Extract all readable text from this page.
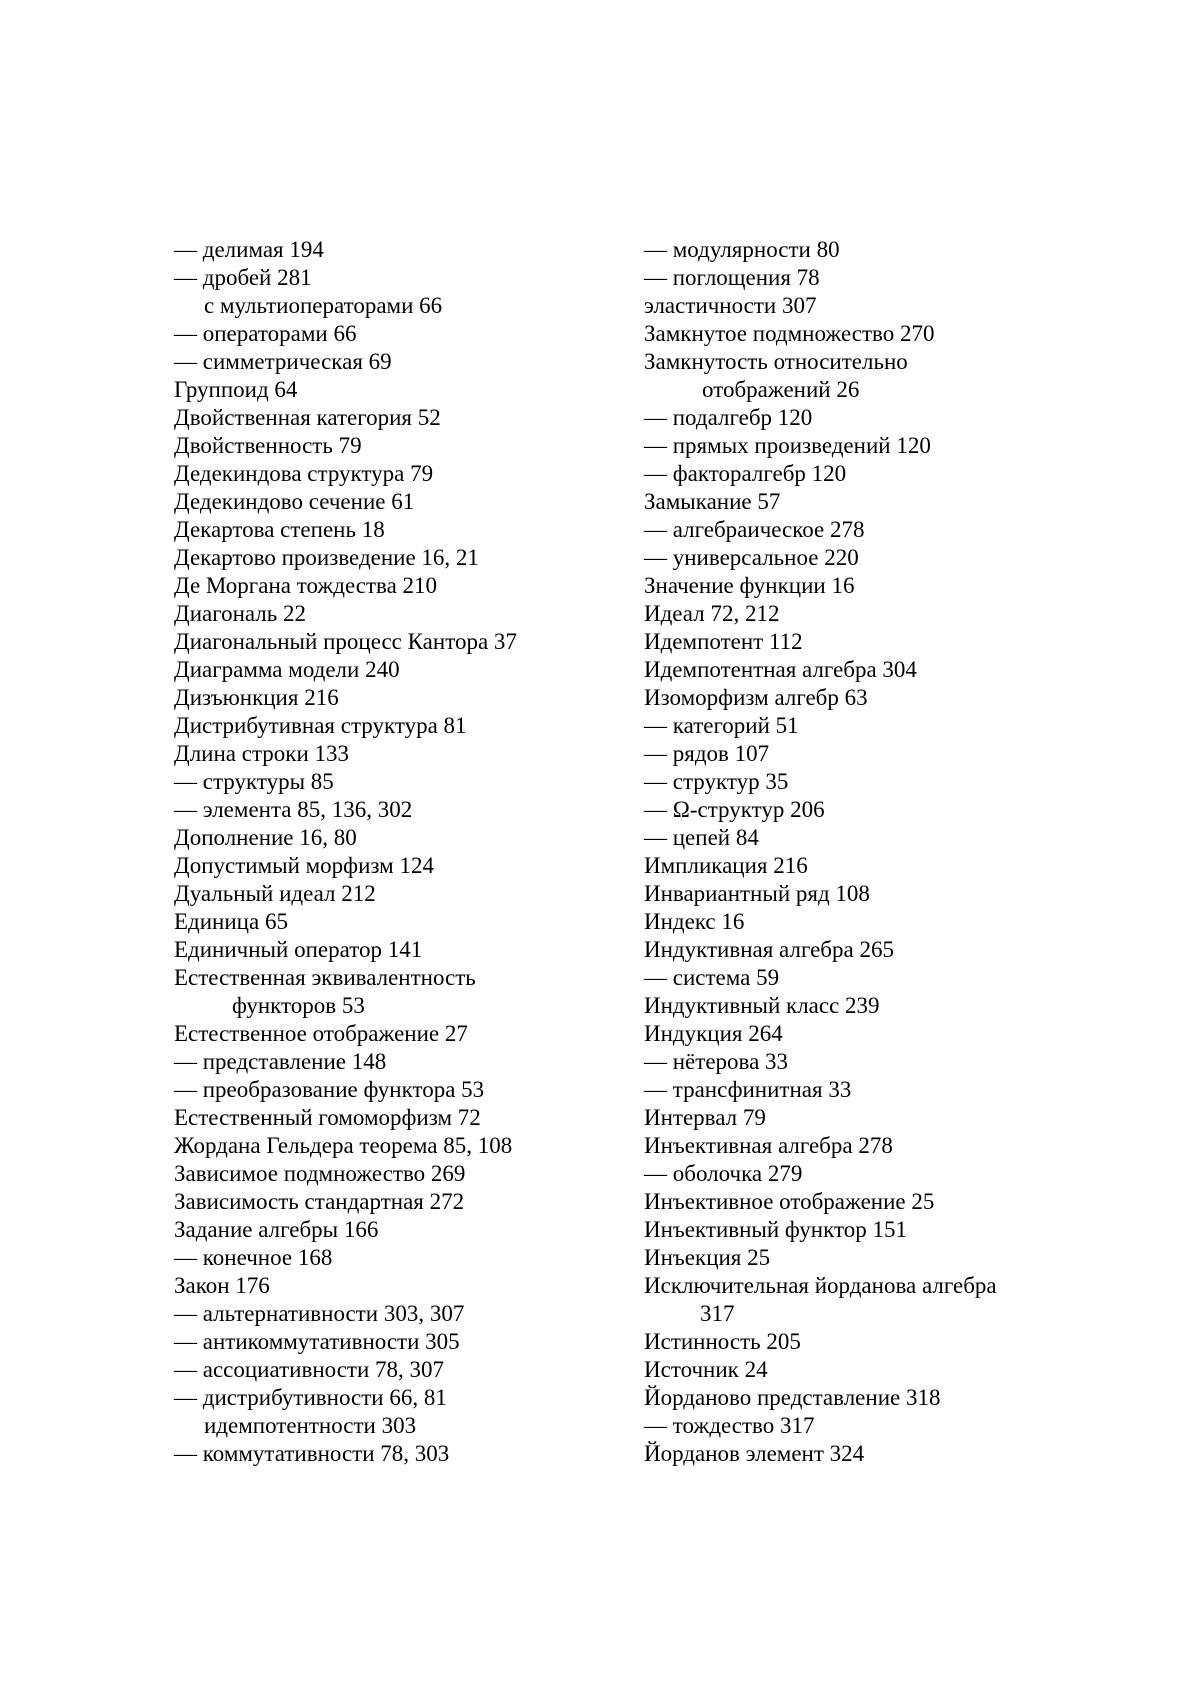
— делимая 194
— дробей 281
с мультиоператорами 66
— операторами 66
— симметрическая 69
Группоид 64
Двойственная категория 52
Двойственность 79
Дедекиндова структура 79
Дедекиндово сечение 61
Декартова степень 18
Декартово произведение 16, 21
Де Моргана тождества 210
Диагональ 22
Диагональный процесс Кантора 37
Диаграмма модели 240
Дизъюнкция 216
Дистрибутивная структура 81
Длина строки 133
— структуры 85
— элемента 85, 136, 302
Дополнение 16, 80
Допустимый морфизм 124
Дуальный идеал 212
Единица 65
Единичный оператор 141
Естественная эквивалентность
функторов 53
Естественное отображение 27
— представление 148
— преобразование функтора 53
Естественный гомоморфизм 72
Жордана Гельдера теорема 85, 108
Зависимое подмножество 269
Зависимость стандартная 272
Задание алгебры 166
— конечное 168
Закон 176
— альтернативности 303, 307
— антикоммутативности 305
— ассоциативности 78, 307
— дистрибутивности 66, 81
идемпотентности 303
— коммутативности 78, 303
— модулярности 80
— поглощения 78
эластичности 307
Замкнутое подмножество 270
Замкнутость относительно
отображений 26
— подалгебр 120
— прямых произведений 120
— факторалгебр 120
Замыкание 57
— алгебраическое 278
— универсальное 220
Значение функции 16
Идеал 72, 212
Идемпотент 112
Идемпотентная алгебра 304
Изоморфизм алгебр 63
— категорий 51
— рядов 107
— структур 35
— Ω-структур 206
— цепей 84
Импликация 216
Инвариантный ряд 108
Индекс 16
Индуктивная алгебра 265
— система 59
Индуктивный класс 239
Индукция 264
— нётерова 33
— трансфинитная 33
Интервал 79
Инъективная алгебра 278
— оболочка 279
Инъективное отображение 25
Инъективный функтор 151
Инъекция 25
Исключительная йорданова алгебра
317
Истинность 205
Источник 24
Йорданово представление 318
— тождество 317
Йорданов элемент 324
